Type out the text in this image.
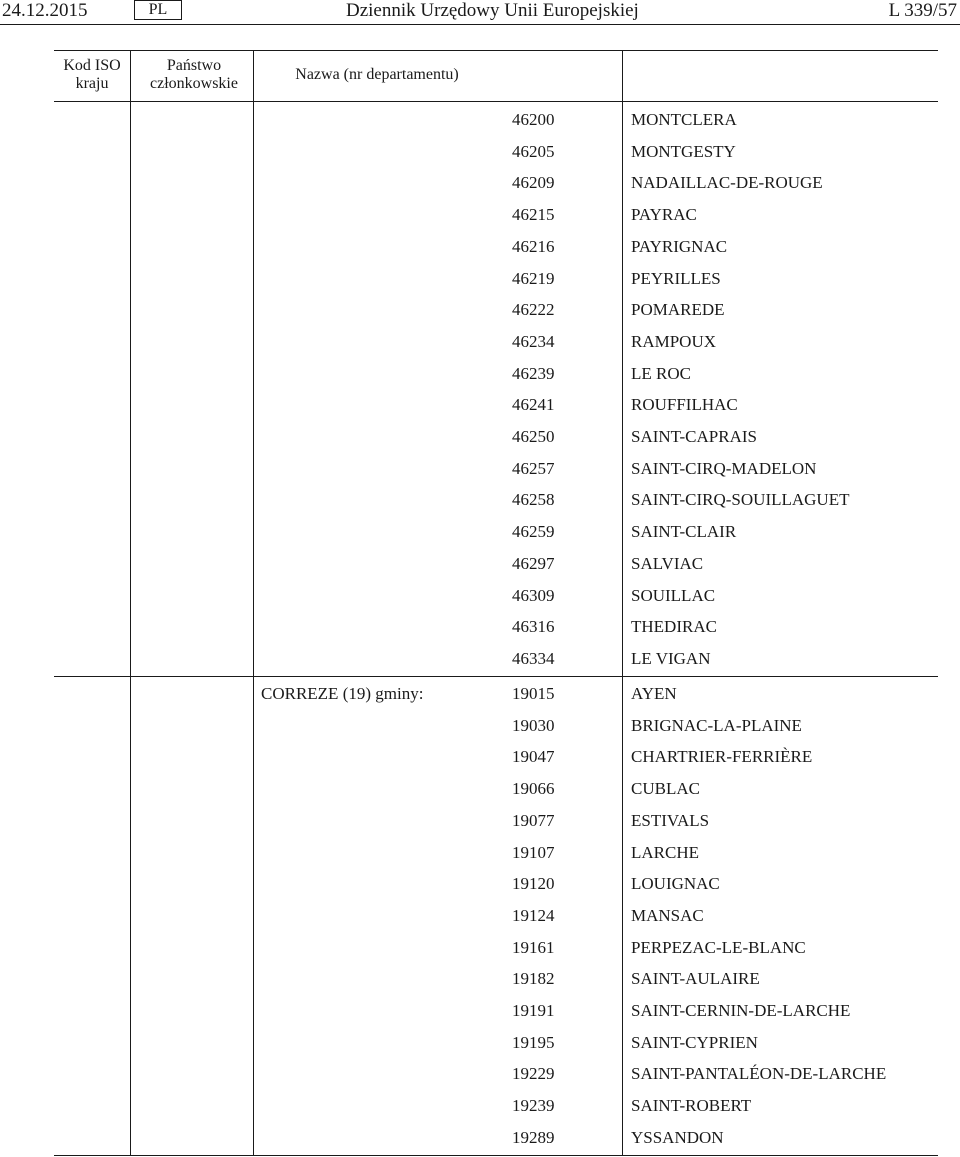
24.12.2015	PL	Dziennik Urzędowy Unii Europejskiej	L 339/57
Kod ISO kraju
Państwo członkowskie
Nazwa (nr departamentu)
46200	MONTCLERA
46205	MONTGESTY
46209	NADAILLAC-DE-ROUGE
46215	PAYRAC
46216	PAYRIGNAC
46219	PEYRILLES
46222	POMAREDE
46234	RAMPOUX
46239	LE ROC
46241	ROUFFILHAC
46250	SAINT-CAPRAIS
46257	SAINT-CIRQ-MADELON
46258	SAINT-CIRQ-SOUILLAGUET
46259	SAINT-CLAIR
46297	SALVIAC
46309	SOUILLAC
46316	THEDIRAC
46334	LE VIGAN
CORREZE (19) gminy:	19015	AYEN
19030	BRIGNAC-LA-PLAINE
19047	CHARTRIER-FERRIÈRE
19066	CUBLAC
19077	ESTIVALS
19107	LARCHE
19120	LOUIGNAC
19124	MANSAC
19161	PERPEZAC-LE-BLANC
19182	SAINT-AULAIRE
19191	SAINT-CERNIN-DE-LARCHE
19195	SAINT-CYPRIEN
19229	SAINT-PANTALÉON-DE-LARCHE
19239	SAINT-ROBERT
19289	YSSANDON
